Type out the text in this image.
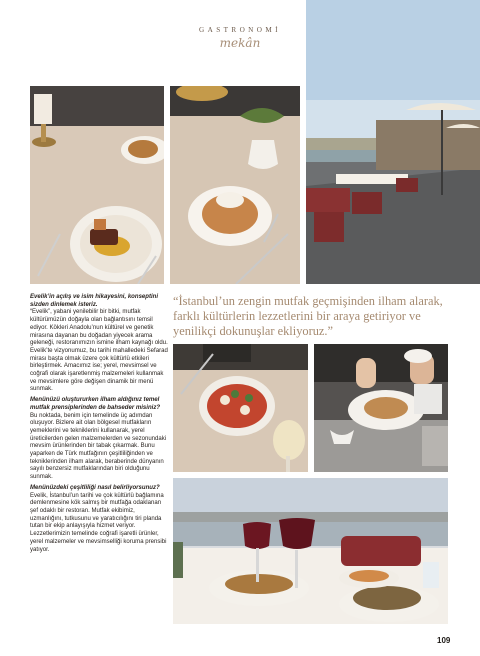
GASTRONOMİ
mekân
“İstanbul’un zengin mutfak geçmişinden ilham alarak, farklı kültürlerin lezzetlerini bir araya getiriyor ve yenilikçi dokunuşlar ekliyoruz.”

Evelik’in açılış ve isim hikayesini, konseptini sizden dinlemek isteriz.

“Evelik”, yabani yenilebilir bir bitki, mutfak kültürümüzün doğayla olan bağlantısını temsil ediyor. Kökleri Anadolu’nun kültürel ve genetik mirasına dayanan bu doğadan yiyecek arama geleneği, restoranımızın ismine ilham kaynağı oldu. Evelik’te vizyonumuz, bu tarihi mahalledeki Sefarad mirası başta olmak üzere çok kültürlü etkileri birleştirmek. Amacımız ise; yerel, mevsimsel ve coğrafi olarak işaretlenmiş malzemeleri kullanmak ve mevsimlere göre değişen dinamik bir menü sunmak.

Menünüzü oluştururken ilham aldığınız temel mutfak prensiplerinden de bahseder misiniz?

Bu noktada, benim için temelinde üç adımdan oluşuyor. Bizlere ait olan bölgesel mutfakların yemeklerini ve tekniklerini kullanarak, yerel üreticilerden gelen malzemelerden ve sezonundaki mevsim ürünlerinden bir tabak çıkarmak. Bunu yaparken de Türk mutfağının çeşitliliğinden ve tekniklerinden ilham alarak, beraberinde dünyanın sayılı benzersiz mutfaklarından biri olduğunu sunmak.

Menünüzdeki çeşitliliği nasıl belirliyorsunuz?

Evelik, İstanbul’un tarihi ve çok kültürlü bağlamına demlenmesine kök salmış bir mutfağa odaklanan şef odaklı bir restoran. Mutfak ekibimiz, uzmanlığını, tutkusunu ve yaratıcılığını tiri planda tutan bir ekip anlayışıyla hizmet veriyor. Lezzetlerimizin temelinde coğrafi işaretli ürünler, yerel malzemeler ve mevsimselliği koruma prensibi yatıyor.

109
